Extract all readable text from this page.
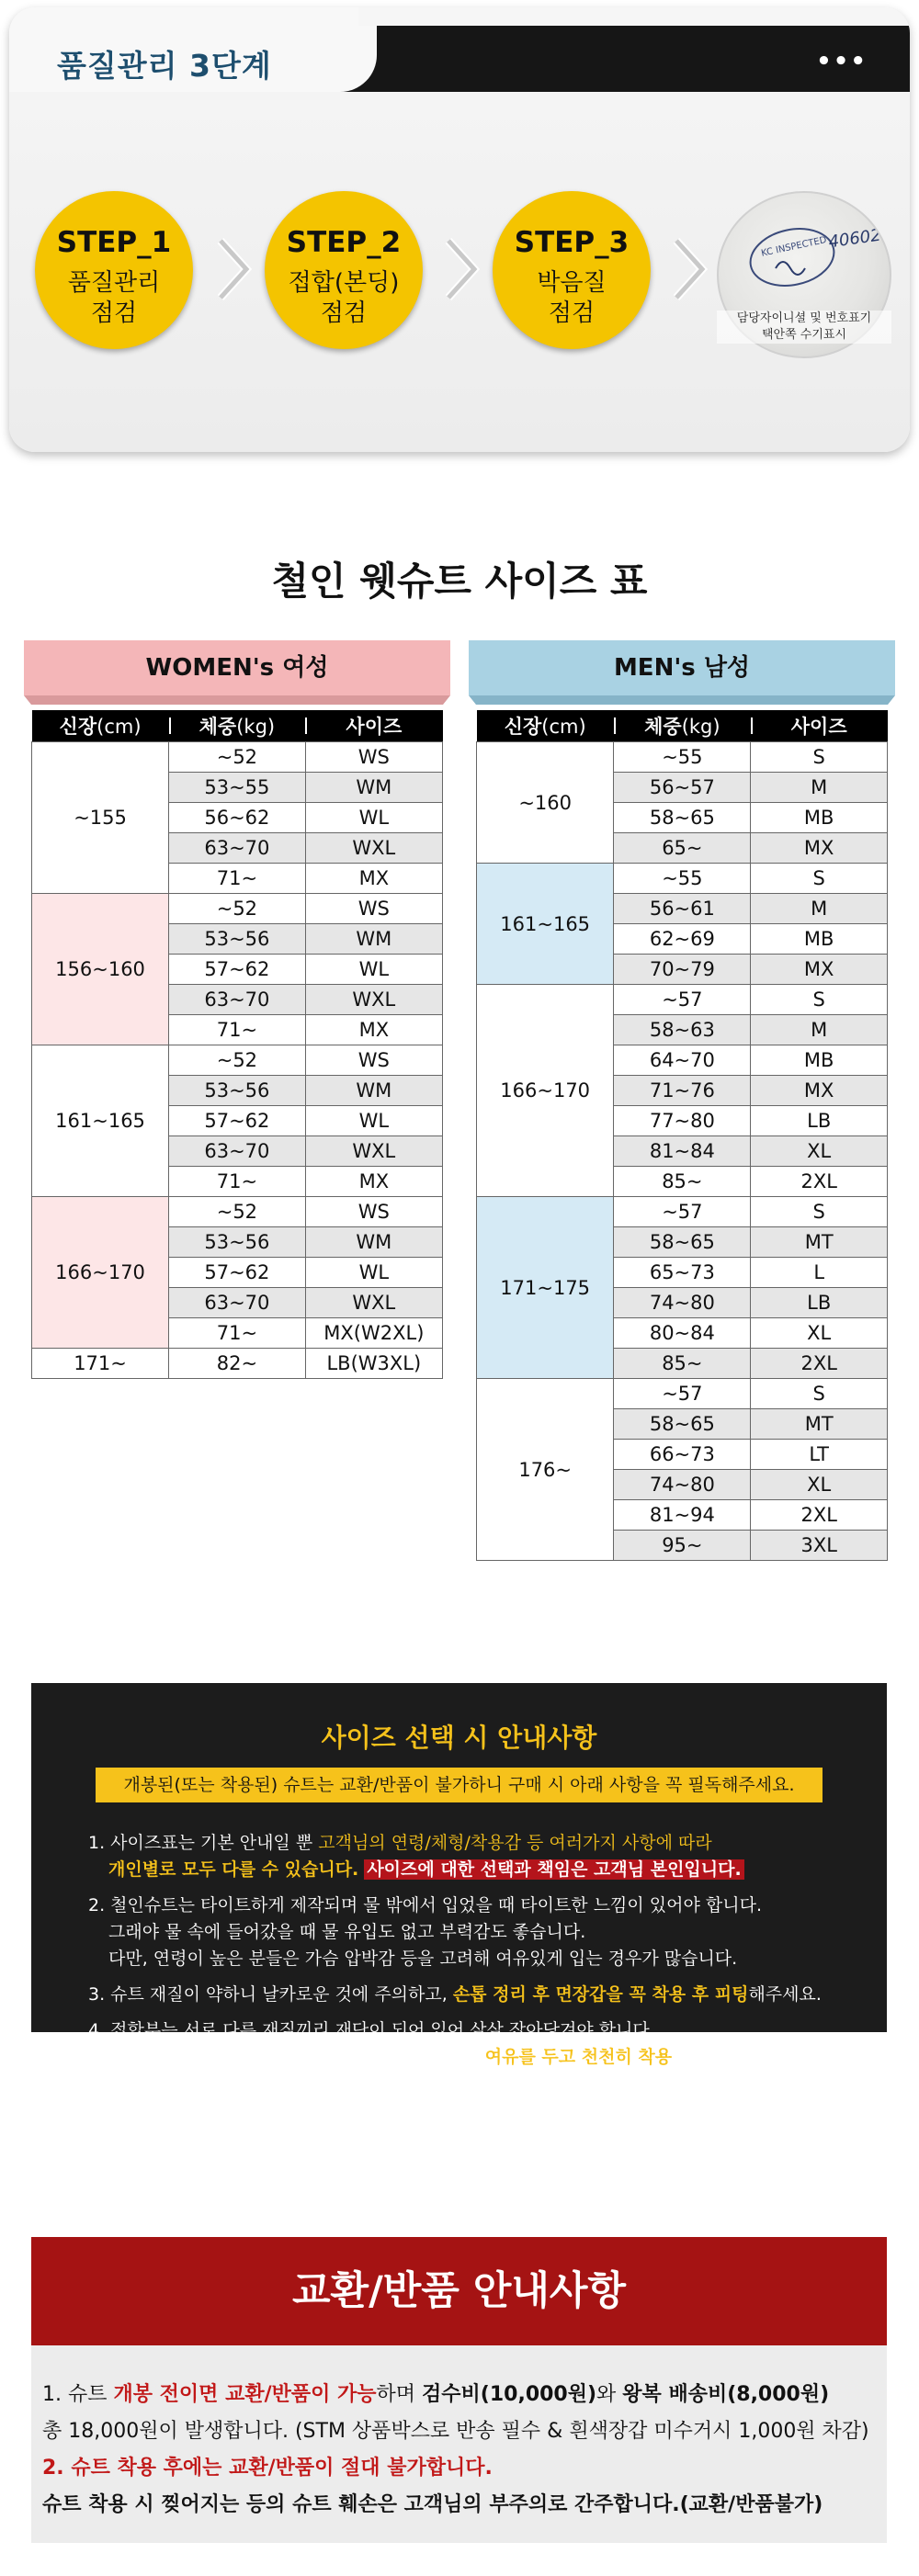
품질관리 3단계	•••
STEP_1
품질관리
점검
STEP_2
접합(본딩)
점검
STEP_3
박음질
점검
KC INSPECTED 40602
담당자이니셜 및 번호표기
택안쪽 수기표시
철인 웻슈트 사이즈 표
WOMEN's 여성	MEN's 남성
신장(cm)	체중(kg)	사이즈
~155	~52	WS
	53~55	WM
	56~62	WL
	63~70	WXL
	71~	MX
156~160	~52	WS
	53~56	WM
	57~62	WL
	63~70	WXL
	71~	MX
161~165	~52	WS
	53~56	WM
	57~62	WL
	63~70	WXL
	71~	MX
166~170	~52	WS
	53~56	WM
	57~62	WL
	63~70	WXL
	71~	MX(W2XL)
171~	82~	LB(W3XL)
신장(cm)	체중(kg)	사이즈
~160	~55	S
	56~57	M
	58~65	MB
	65~	MX
161~165	~55	S
	56~61	M
	62~69	MB
	70~79	MX
166~170	~57	S
	58~63	M
	64~70	MB
	71~76	MX
	77~80	LB
	81~84	XL
	85~	2XL
171~175	~57	S
	58~65	MT
	65~73	L
	74~80	LB
	80~84	XL
	85~	2XL
176~	~57	S
	58~65	MT
	66~73	LT
	74~80	XL
	81~94	2XL
	95~	3XL
사이즈 선택 시 안내사항
개봉된(또는 착용된) 슈트는 교환/반품이 불가하니 구매 시 아래 사항을 꼭 필독해주세요.

1. 사이즈표는 기본 안내일 뿐 고객님의 연령/체형/착용감 등 여러가지 사항에 따라
개인별로 모두 다를 수 있습니다. 사이즈에 대한 선택과 책임은 고객님 본인입니다.

2. 철인슈트는 타이트하게 제작되며 물 밖에서 입었을 때 타이트한 느낌이 있어야 합니다.
그래야 물 속에 들어갔을 때 물 유입도 없고 부력감도 좋습니다.
다만, 연령이 높은 분들은 가슴 압박감 등을 고려해 여유있게 입는 경우가 많습니다.

3. 슈트 재질이 약하니 날카로운 것에 주의하고, 손톱 정리 후 면장갑을 꼭 착용 후 피팅해주세요.

4. 접합부는 서로 다른 재질끼리 재단이 되어 있어 살살 잡아당겨야 합니다.
무리하게 잡아당기면 찢어질 수가 있으니 2-30분 여유를 두고 천천히 착용해주세요.

5. 수영장에서의 사용은 권장하지 않습니다. (락스물에 의한 변색 및 품질저하)

교환/반품 안내사항
1. 슈트 개봉 전이면 교환/반품이 가능하며 검수비(10,000원)와 왕복 배송비(8,000원)
총 18,000원이 발생합니다. (STM 상품박스로 반송 필수 & 흰색장갑 미수거시 1,000원 차감)
2. 슈트 착용 후에는 교환/반품이 절대 불가합니다.
슈트 착용 시 찢어지는 등의 슈트 훼손은 고객님의 부주의로 간주합니다.(교환/반품불가)
